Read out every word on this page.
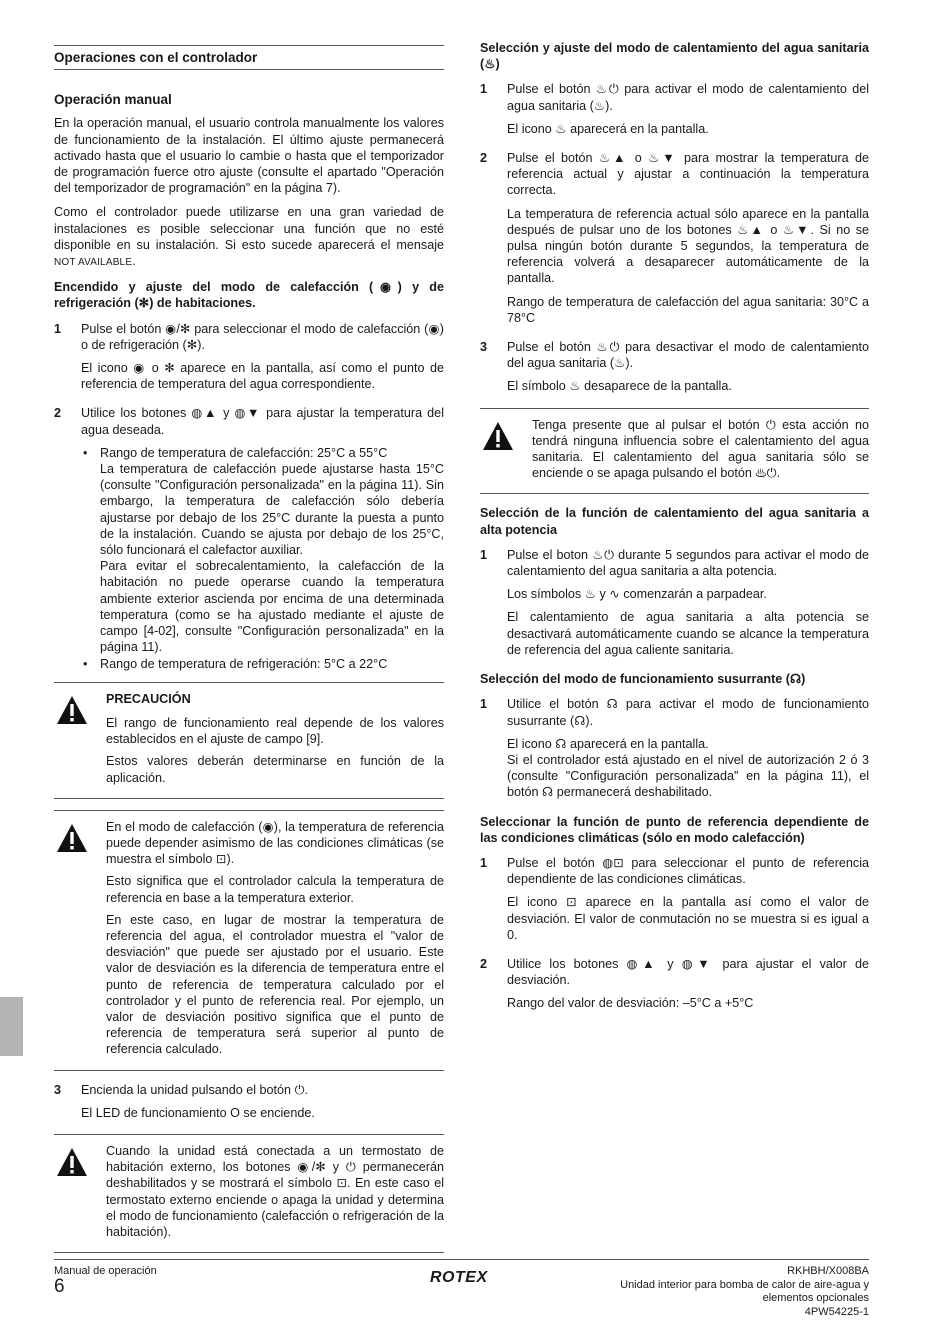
Operaciones con el controlador
Operación manual

En la operación manual, el usuario controla manualmente los valores de funcionamiento de la instalación. El último ajuste permanecerá activado hasta que el usuario lo cambie o hasta que el temporizador de programación fuerce otro ajuste (consulte el apartado "Operación del temporizador de programación" en la página 7).

Como el controlador puede utilizarse en una gran variedad de instalaciones es posible seleccionar una función que no esté disponible en su instalación. Si esto sucede aparecerá el mensaje NOT AVAILABLE.

Encendido y ajuste del modo de calefacción (◉) y de refrigeración (✻) de habitaciones.
1	Pulse el botón ◉/✻ para seleccionar el modo de calefacción (◉) o de refrigeración (✻).

El icono ◉ o ✻ aparece en la pantalla, así como el punto de referencia de temperatura del agua correspondiente.

2	Utilice los botones ◍▲ y ◍▼ para ajustar la temperatura del agua deseada.

• Rango de temperatura de calefacción: 25°C a 55°C
La temperatura de calefacción puede ajustarse hasta 15°C (consulte "Configuración personalizada" en la página 11). Sin embargo, la temperatura de calefacción sólo debería ajustarse por debajo de los 25°C durante la puesta a punto de la instalación. Cuando se ajusta por debajo de los 25°C, sólo funcionará el calefactor auxiliar.
Para evitar el sobrecalentamiento, la calefacción de la habitación no puede operarse cuando la temperatura ambiente exterior ascienda por encima de una determinada temperatura (como se ha ajustado mediante el ajuste de campo [4-02], consulte "Configuración personalizada" en la página 11).
• Rango de temperatura de refrigeración: 5°C a 22°C
PRECAUCIÓN

El rango de funcionamiento real depende de los valores establecidos en el ajuste de campo [9].

Estos valores deberán determinarse en función de la aplicación.

En el modo de calefacción (◉), la temperatura de referencia puede depender asimismo de las condiciones climáticas (se muestra el símbolo ⊡).

Esto significa que el controlador calcula la temperatura de referencia en base a la temperatura exterior.

En este caso, en lugar de mostrar la temperatura de referencia del agua, el controlador muestra el "valor de desviación" que puede ser ajustado por el usuario. Este valor de desviación es la diferencia de temperatura entre el punto de referencia de temperatura calculado por el controlador y el punto de referencia real. Por ejemplo, un valor de desviación positivo significa que el punto de referencia de temperatura será superior al punto de referencia calculado.

3	Encienda la unidad pulsando el botón ⏻.

El LED de funcionamiento O se enciende.

Cuando la unidad está conectada a un termostato de habitación externo, los botones ◉/✻ y ⏻ permanecerán deshabilitados y se mostrará el símbolo ⊡. En este caso el termostato externo enciende o apaga la unidad y determina el modo de funcionamiento (calefacción o refrigeración de la habitación).

Selección y ajuste del modo de calentamiento del agua sanitaria (♨)
1	Pulse el botón ♨⏻ para activar el modo de calentamiento del agua sanitaria (♨).

El icono ♨ aparecerá en la pantalla.

2	Pulse el botón ♨▲ o ♨▼ para mostrar la temperatura de referencia actual y ajustar a continuación la temperatura correcta.

La temperatura de referencia actual sólo aparece en la pantalla después de pulsar uno de los botones ♨▲ o ♨▼. Si no se pulsa ningún botón durante 5 segundos, la temperatura de referencia volverá a desaparecer automáticamente de la pantalla.

Rango de temperatura de calefacción del agua sanitaria: 30°C a 78°C

3	Pulse el botón ♨⏻ para desactivar el modo de calentamiento del agua sanitaria (♨).

El símbolo ♨ desaparece de la pantalla.

Tenga presente que al pulsar el botón ⏻ esta acción no tendrá ninguna influencia sobre el calentamiento del agua sanitaria. El calentamiento del agua sanitaria sólo se enciende o se apaga pulsando el botón ♨⏻.

Selección de la función de calentamiento del agua sanitaria a alta potencia
1	Pulse el boton ♨⏻ durante 5 segundos para activar el modo de calentamiento del agua sanitaria a alta potencia.

Los símbolos ♨ y ∿ comenzarán a parpadear.

El calentamiento de agua sanitaria a alta potencia se desactivará automáticamente cuando se alcance la temperatura de referencia del agua caliente sanitaria.

Selección del modo de funcionamiento susurrante (☊)
1	Utilice el botón ☊ para activar el modo de funcionamiento susurrante (☊).

El icono ☊ aparecerá en la pantalla.

Si el controlador está ajustado en el nivel de autorización 2 ó 3 (consulte "Configuración personalizada" en la página 11), el botón ☊ permanecerá deshabilitado.

Seleccionar la función de punto de referencia dependiente de las condiciones climáticas (sólo en modo calefacción)
1	Pulse el botón ◍⊡ para seleccionar el punto de referencia dependiente de las condiciones climáticas.

El icono ⊡ aparece en la pantalla así como el valor de desviación. El valor de conmutación no se muestra si es igual a 0.

2	Utilice los botones ◍▲ y ◍▼ para ajustar el valor de desviación.

Rango del valor de desviación: –5°C a +5°C

Manual de operación
6	ROTEX	RKHBH/X008BA
Unidad interior para bomba de calor de aire-agua y
elementos opcionales
4PW54225-1
